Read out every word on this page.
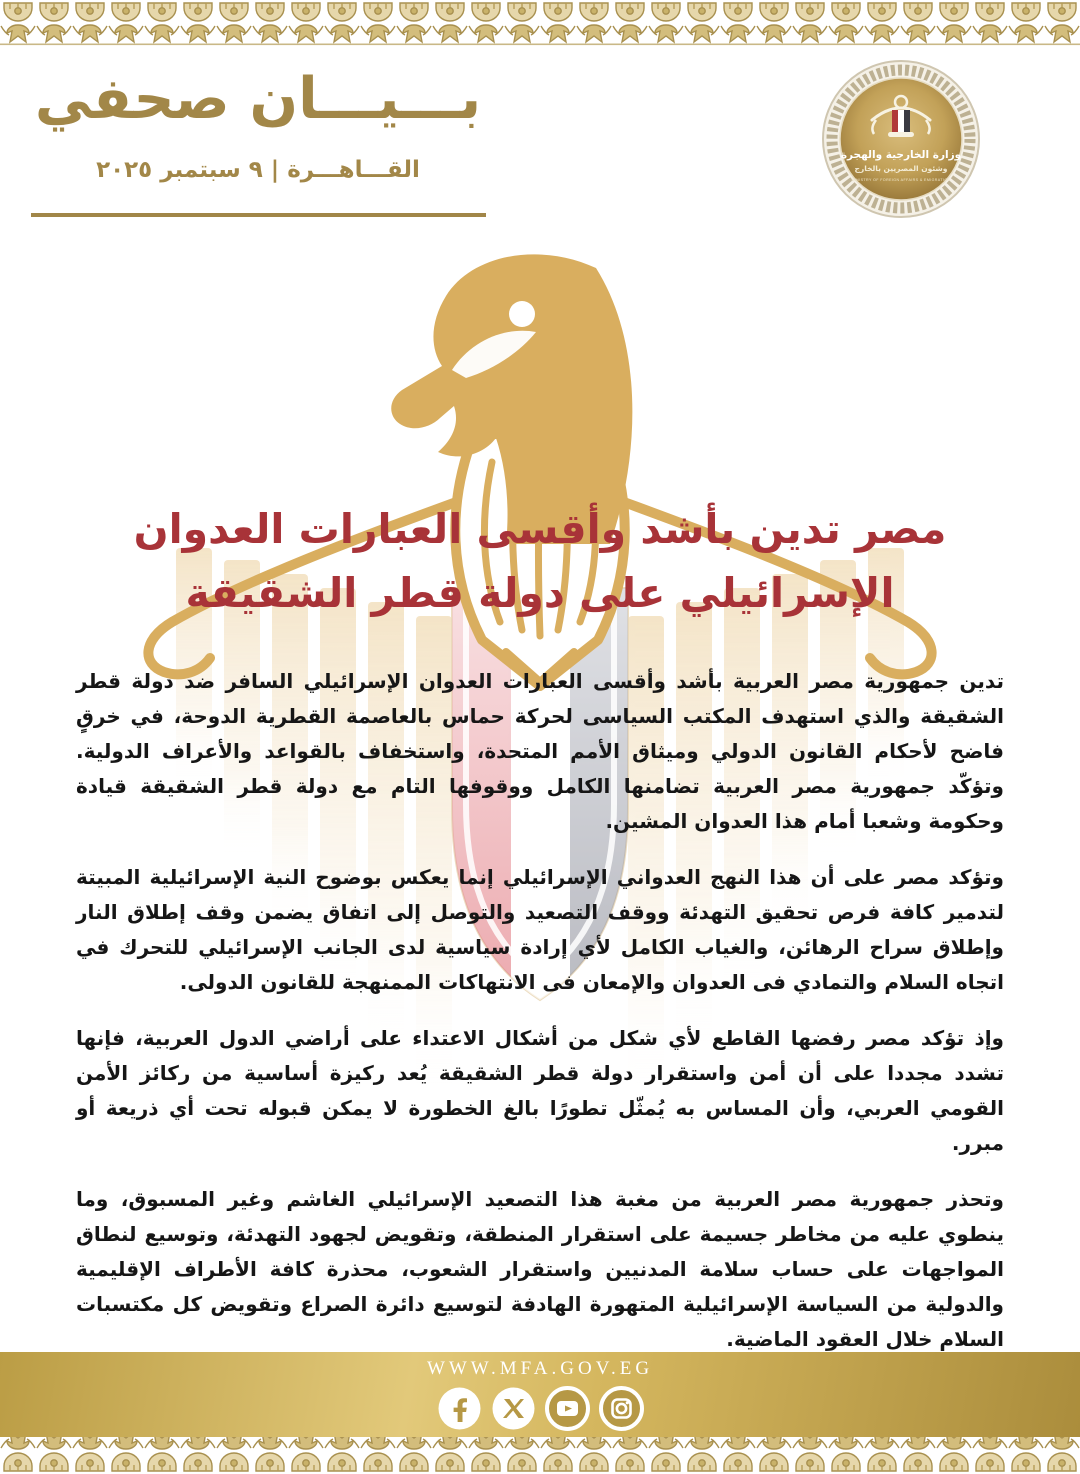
بـــيـــان صحفي
القـــاهـــرة | ٩ سبتمبر ٢٠٢٥
وزارة الخارجية والهجرة
وشئون المصريين بالخارج
MINISTRY OF FOREIGN AFFAIRS & EMIGRATION
مصر تدين بأشد وأقسى العبارات العدوان الإسرائيلي على دولة قطر الشقيقة

تدين جمهورية مصر العربية بأشد وأقسى العبارات العدوان الإسرائيلي السافر ضد دولة قطر الشقيقة والذي استهدف المكتب السياسى لحركة حماس بالعاصمة القطرية الدوحة، في خرقٍ فاضح لأحكام القانون الدولي وميثاق الأمم المتحدة، واستخفاف بالقواعد والأعراف الدولية. وتؤكّد جمهورية مصر العربية تضامنها الكامل ووقوفها التام مع دولة قطر الشقيقة قيادة وحكومة وشعبا أمام هذا العدوان المشين.

وتؤكد مصر على أن هذا النهج العدواني الإسرائيلي إنما يعكس بوضوح النية الإسرائيلية المبيتة لتدمير كافة فرص تحقيق التهدئة ووقف التصعيد والتوصل إلى اتفاق يضمن وقف إطلاق النار وإطلاق سراح الرهائن، والغياب الكامل لأي إرادة سياسية لدى الجانب الإسرائيلي للتحرك في اتجاه السلام والتمادي فى العدوان والإمعان فى الانتهاكات الممنهجة للقانون الدولى.

وإذ تؤكد مصر رفضها القاطع لأي شكل من أشكال الاعتداء على أراضي الدول العربية، فإنها تشدد مجددا على أن أمن واستقرار دولة قطر الشقيقة يُعد ركيزة أساسية من ركائز الأمن القومي العربي، وأن المساس به يُمثّل تطورًا بالغ الخطورة لا يمكن قبوله تحت أي ذريعة أو مبرر.

وتحذر جمهورية مصر العربية من مغبة هذا التصعيد الإسرائيلي الغاشم وغير المسبوق، وما ينطوي عليه من مخاطر جسيمة على استقرار المنطقة، وتقويض لجهود التهدئة، وتوسيع لنطاق المواجهات على حساب سلامة المدنيين واستقرار الشعوب، محذرة كافة الأطراف الإقليمية والدولية من السياسة الإسرائيلية المتهورة الهادفة لتوسيع دائرة الصراع وتقويض كل مكتسبات السلام خلال العقود الماضية.

WWW.MFA.GOV.EG
